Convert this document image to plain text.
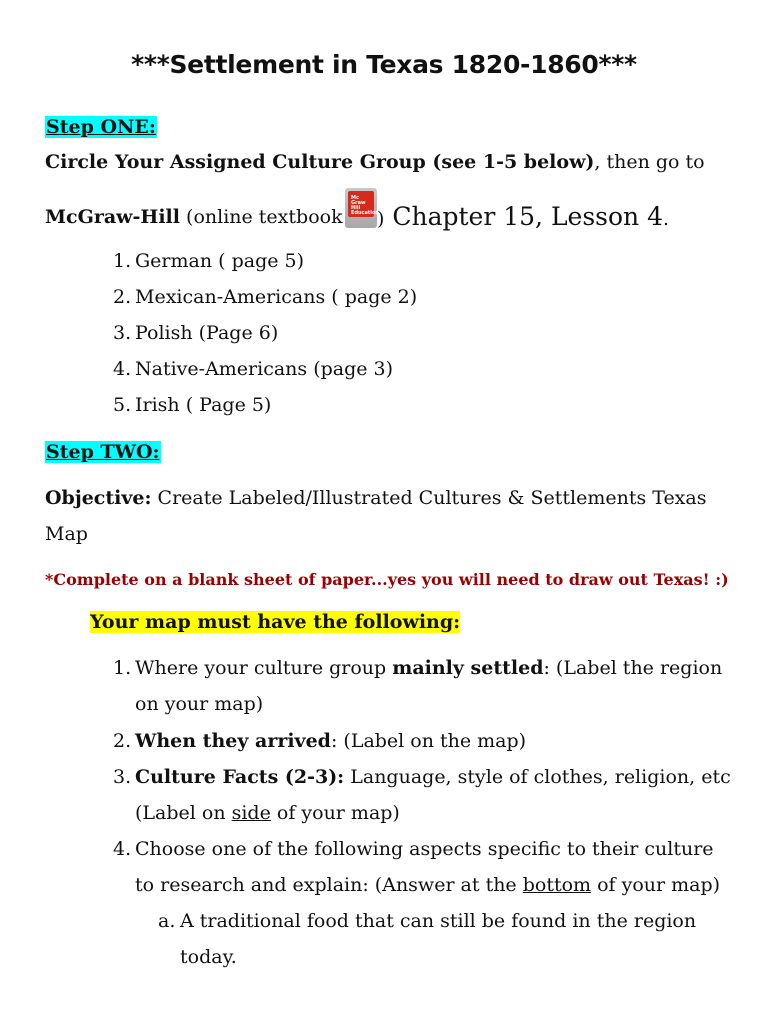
***Settlement in Texas 1820-1860***
Step ONE:
Circle Your Assigned Culture Group (see 1-5 below), then go to
McGraw-Hill (online textbook
Mc Graw Hill Education
) Chapter 15, Lesson 4.
1. German ( page 5)
2. Mexican-Americans ( page 2)
3. Polish (Page 6)
4. Native-Americans (page 3)
5. Irish ( Page 5)
Step TWO:
Objective: Create Labeled/Illustrated Cultures & Settlements Texas
Map
*Complete on a blank sheet of paper...yes you will need to draw out Texas! :)
Your map must have the following:
1. Where your culture group mainly settled: (Label the region
on your map)
2. When they arrived: (Label on the map)
3. Culture Facts (2-3): Language, style of clothes, religion, etc
(Label on side of your map)
4. Choose one of the following aspects specific to their culture
to research and explain: (Answer at the bottom of your map)
a. A traditional food that can still be found in the region
today.
